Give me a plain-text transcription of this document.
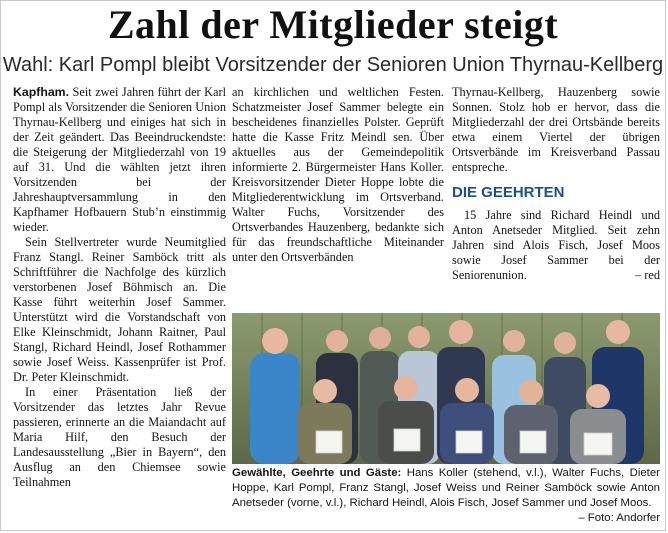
Zahl der Mitglieder steigt
Wahl: Karl Pompl bleibt Vorsitzender der Senioren Union Thyrnau-Kellberg

Kapfham. Seit zwei Jahren führt der Karl Pompl als Vorsitzender die Senioren Union Thyrnau-Kellberg und einiges hat sich in der Zeit geändert. Das Beeindruckendste: die Steigerung der Mitgliederzahl von 19 auf 31. Und die wählten jetzt ihren Vorsitzenden bei der Jahreshauptversammlung in den Kapfhamer Hofbauern Stub’n einstimmig wieder.

Sein Stellvertreter wurde Neumitglied Franz Stangl. Reiner Samböck tritt als Schriftführer die Nachfolge des kürzlich verstorbenen Josef Böhmisch an. Die Kasse führt weiterhin Josef Sammer. Unterstützt wird die Vorstandschaft von Elke Kleinschmidt, Johann Raitner, Paul Stangl, Richard Heindl, Josef Rothammer sowie Josef Weiss. Kassenprüfer ist Prof. Dr. Peter Kleinschmidt.

In einer Präsentation ließ der Vorsitzender das letztes Jahr Revue passieren, erinnerte an die Maiandacht auf Maria Hilf, den Besuch der Landesausstellung „Bier in Bayern“, den Ausflug an den Chiemsee sowie Teilnahmen

an kirchlichen und weltlichen Festen. Schatzmeister Josef Sammer belegte ein bescheidenes finanzielles Polster. Geprüft hatte die Kasse Fritz Meindl sen. Über aktuelles aus der Gemeindepolitik informierte 2. Bürgermeister Hans Koller. Kreisvorsitzender Dieter Hoppe lobte die Mitgliederentwicklung im Ortsverband. Walter Fuchs, Vorsitzender des Ortsverbandes Hauzenberg, bedankte sich für das freundschaftliche Miteinander unter den Ortsverbänden

Thyrnau-Kellberg, Hauzenberg sowie Sonnen. Stolz hob er hervor, dass die Mitgliederzahl der drei Ortsbände bereits etwa einem Viertel der übrigen Ortsverbände im Kreisverband Passau entspreche.

DIE GEEHRTEN

15 Jahre sind Richard Heindl und Anton Anetseder Mitglied. Seit zehn Jahren sind Alois Fisch, Josef Moos sowie Josef Sammer bei der Seniorenunion.	– red

Gewählte, Geehrte und Gäste: Hans Koller (stehend, v.l.), Walter Fuchs, Dieter Hoppe, Karl Pompl, Franz Stangl, Josef Weiss und Reiner Samböck sowie Anton Anetseder (vorne, v.l.), Richard Heindl, Alois Fisch, Josef Sammer und Josef Moos.
– Foto: Andorfer
